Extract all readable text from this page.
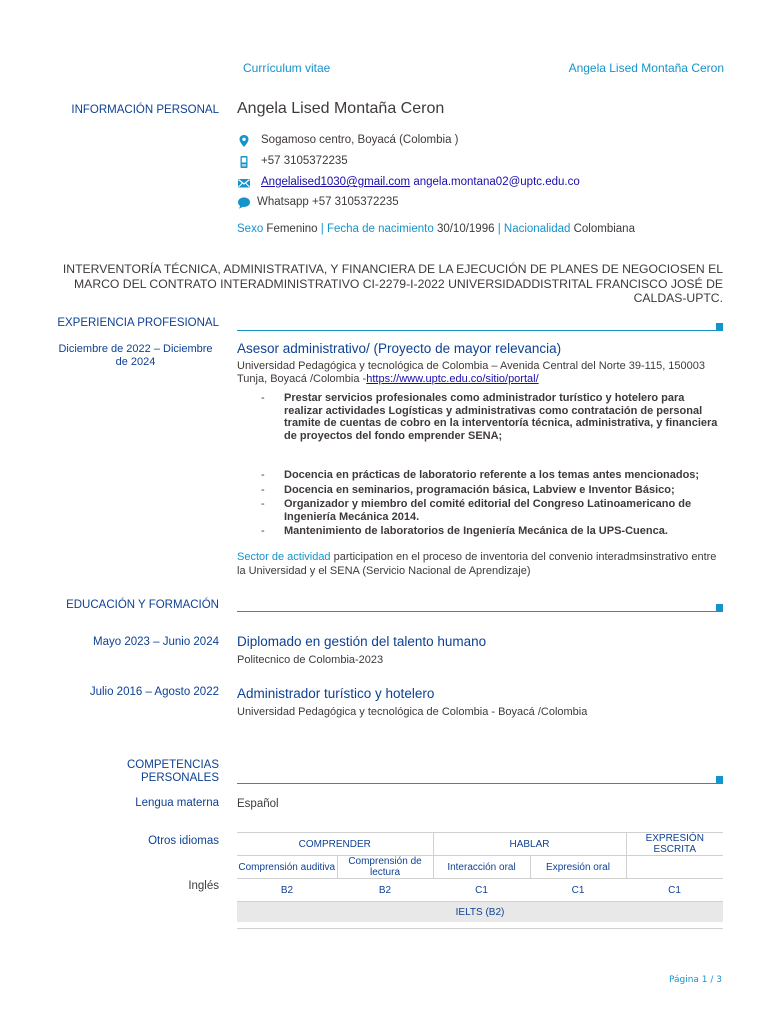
Currículum vitae	Angela Lised Montaña Ceron
INFORMACIÓN PERSONAL Angela Lised Montaña Ceron
Sogamoso centro, Boyacá (Colombia )
+57 3105372235
Angelalised1030@gmail.com angela.montana02@uptc.edu.co
Whatsapp +57 3105372235
Sexo Femenino | Fecha de nacimiento 30/10/1996 | Nacionalidad Colombiana
INTERVENTORÍA TÉCNICA, ADMINISTRATIVA, Y FINANCIERA DE LA EJECUCIÓN DE PLANES DE NEGOCIOSEN EL MARCO DEL CONTRATO INTERADMINISTRATIVO CI-2279-I-2022 UNIVERSIDADDISTRITAL FRANCISCO JOSÉ DE CALDAS-UPTC.
EXPERIENCIA PROFESIONAL
Diciembre de 2022 – Diciembre de 2024
Asesor administrativo/ (Proyecto de mayor relevancia)
Universidad Pedagógica y tecnológica de Colombia – Avenida Central del Norte 39-115, 150003
Tunja, Boyacá /Colombia -https://www.uptc.edu.co/sitio/portal/
- Prestar servicios profesionales como administrador turístico y hotelero para realizar actividades Logísticas y administrativas como contratación de personal tramite de cuentas de cobro en la interventoría técnica, administrativa, y financiera de proyectos del fondo emprender SENA;
- Docencia en prácticas de laboratorio referente a los temas antes mencionados;
- Docencia en seminarios, programación básica, Labview e Inventor Básico;
- Organizador y miembro del comité editorial del Congreso Latinoamericano de Ingeniería Mecánica 2014.
- Mantenimiento de laboratorios de Ingeniería Mecánica de la UPS-Cuenca.
Sector de actividad participation en el proceso de inventoria del convenio interadmsinstrativo entre la Universidad y el SENA (Servicio Nacional de Aprendizaje)
EDUCACIÓN Y FORMACIÓN
Mayo 2023 – Junio 2024 Diplomado en gestión del talento humano
Politecnico de Colombia-2023
Julio 2016 – Agosto 2022 Administrador turístico y hotelero
Universidad Pedagógica y tecnológica de Colombia - Boyacá /Colombia
COMPETENCIAS PERSONALES
Lengua materna Español
Otros idiomas
Inglés
COMPRENDER		HABLAR		EXPRESIÓN ESCRITA
Comprensión auditiva	Comprensión de lectura	Interacción oral	Expresión oral	
B2	B2	C1	C1	C1
IELTS (B2)				
Página 1 / 3
